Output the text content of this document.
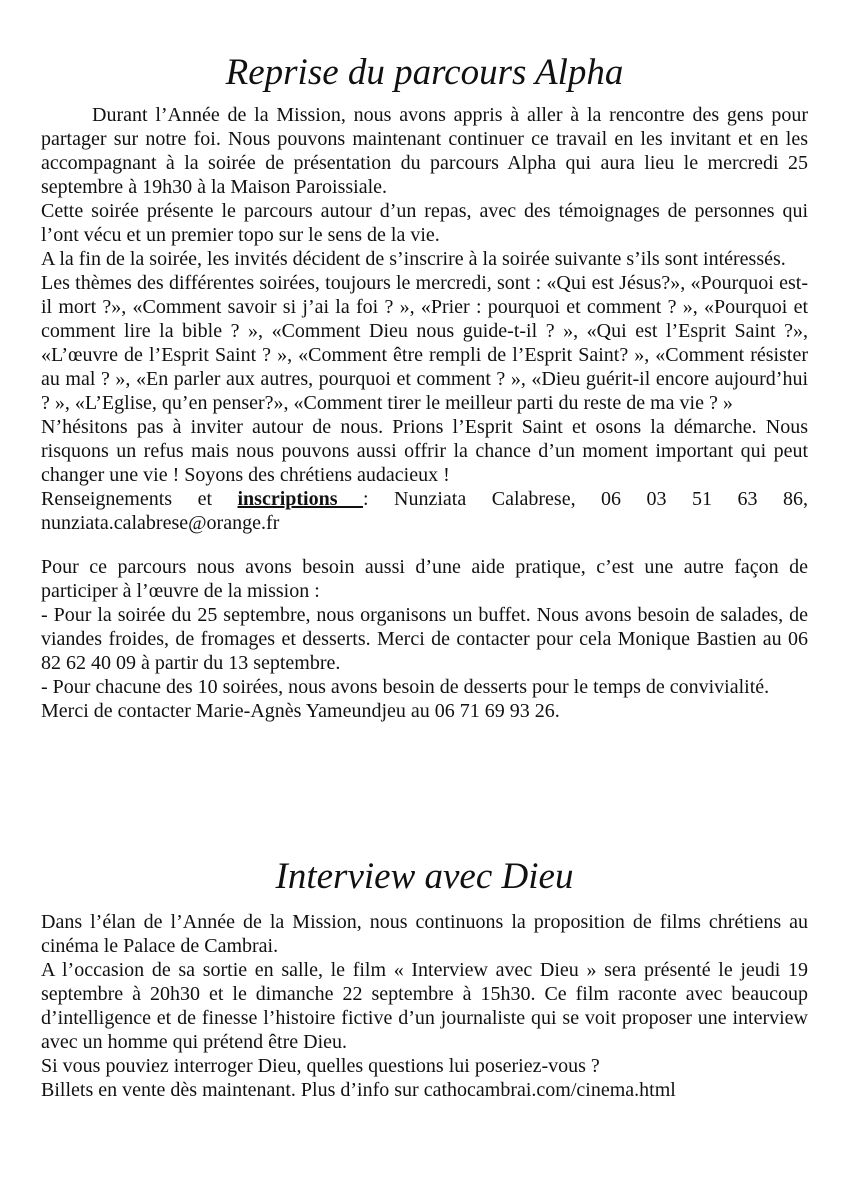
Reprise du parcours Alpha

Durant l’Année de la Mission, nous avons appris à aller à la rencontre des gens pour partager sur notre foi. Nous pouvons maintenant continuer ce travail en les invitant et en les accompagnant à la soirée de présentation du parcours Alpha qui aura lieu le mercredi 25 septembre à 19h30 à la Maison Paroissiale.

Cette soirée présente le parcours autour d’un repas, avec des témoignages de personnes qui l’ont vécu et un premier topo sur le sens de la vie.

A la fin de la soirée, les invités décident de s’inscrire à la soirée suivante s’ils sont intéressés.

Les thèmes des différentes soirées, toujours le mercredi, sont : «Qui est Jésus?», «Pourquoi est-il mort ?», «Comment savoir si j’ai la foi ? », «Prier : pourquoi et comment ? », «Pourquoi et comment lire la bible ? », «Comment Dieu nous guide-t-il ? », «Qui est l’Esprit Saint ?», «L’œuvre de l’Esprit Saint ? », «Comment être rempli de l’Esprit Saint? », «Comment résister au mal ? », «En parler aux autres, pourquoi et comment ? », «Dieu guérit-il encore aujourd’hui ? », «L’Eglise, qu’en penser?», «Comment tirer le meilleur parti du reste de ma vie ? »

N’hésitons pas à inviter autour de nous. Prions l’Esprit Saint et osons la démarche. Nous risquons un refus mais nous pouvons aussi offrir la chance d’un moment important qui peut changer une vie ! Soyons des chrétiens audacieux !

Renseignements et inscriptions : Nunziata Calabrese, 06 03 51 63 86, nunziata.calabrese@orange.fr

Pour ce parcours nous avons besoin aussi d’une aide pratique, c’est une autre façon de participer à l’œuvre de la mission :

- Pour la soirée du 25 septembre, nous organisons un buffet. Nous avons besoin de salades, de viandes froides, de fromages et desserts. Merci de contacter pour cela Monique Bastien au 06 82 62 40 09 à partir du 13 septembre.

- Pour chacune des 10 soirées, nous avons besoin de desserts pour le temps de convivialité. Merci de contacter Marie-Agnès Yameundjeu au 06 71 69 93 26.

Interview avec Dieu

Dans l’élan de l’Année de la Mission, nous continuons la proposition de films chrétiens au cinéma le Palace de Cambrai.

A l’occasion de sa sortie en salle, le film « Interview avec Dieu » sera présenté le jeudi 19 septembre à 20h30 et le dimanche 22 septembre à 15h30. Ce film raconte avec beaucoup d’intelligence et de finesse l’histoire fictive d’un journaliste qui se voit proposer une interview avec un homme qui prétend être Dieu.

Si vous pouviez interroger Dieu, quelles questions lui poseriez-vous ?

Billets en vente dès maintenant. Plus d’info sur cathocambrai.com/cinema.html
